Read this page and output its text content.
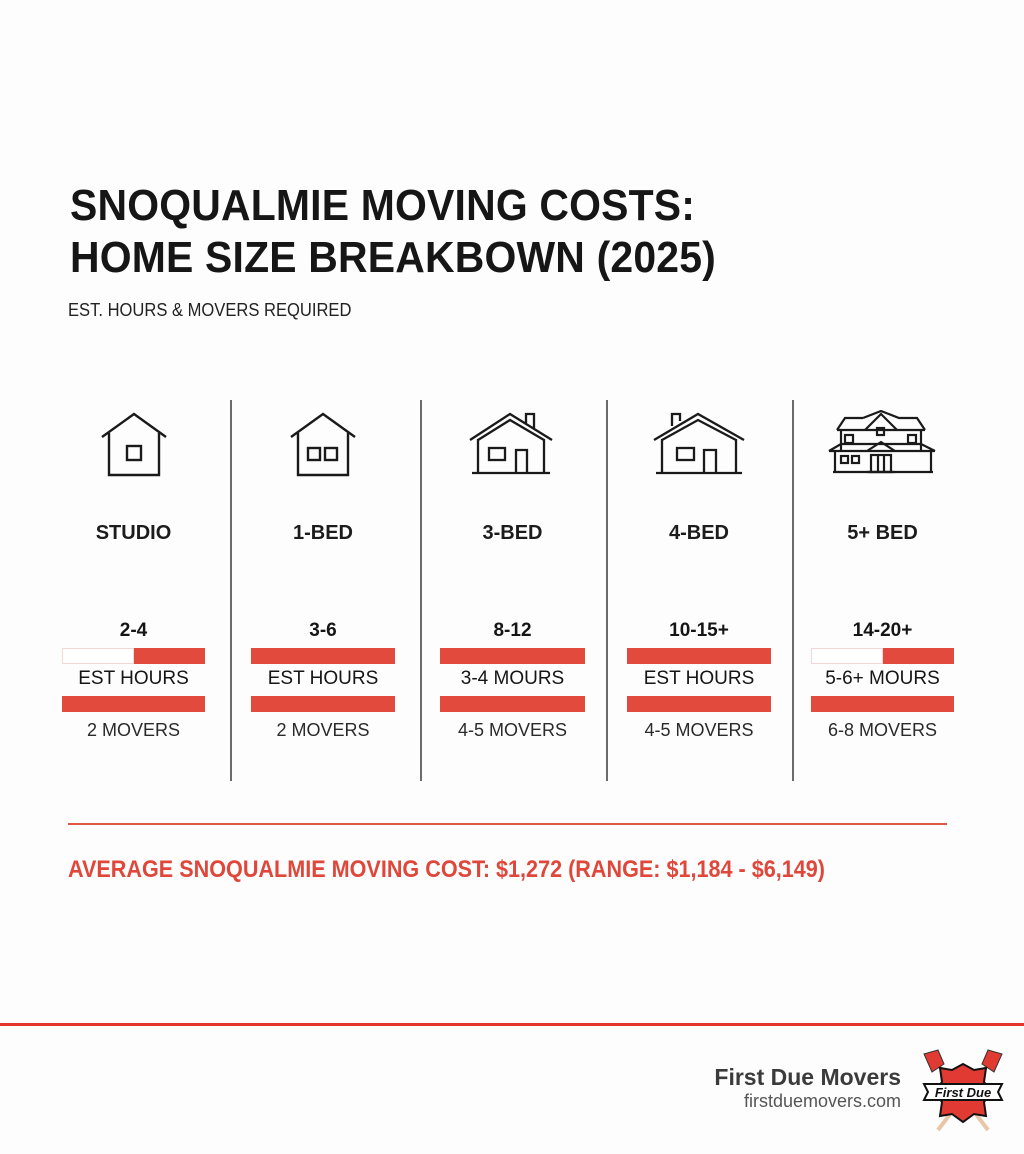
SNOQUALMIE MOVING COSTS:
HOME SIZE BREAKBOWN (2025)
EST. HOURS & MOVERS REQUIRED
STUDIO
2-4
EST HOURS
2 MOVERS
1-BED
3-6
EST HOURS
2 MOVERS
3-BED
8-12
3-4 MOURS
4-5 MOVERS
4-BED
10-15+
EST HOURS
4-5 MOVERS
5+ BED
14-20+
5-6+ MOURS
6-8 MOVERS
AVERAGE SNOQUALMIE MOVING COST: $1,272 (RANGE: $1,184 - $6,149)
First Due Movers
firstduemovers.com	First Due
